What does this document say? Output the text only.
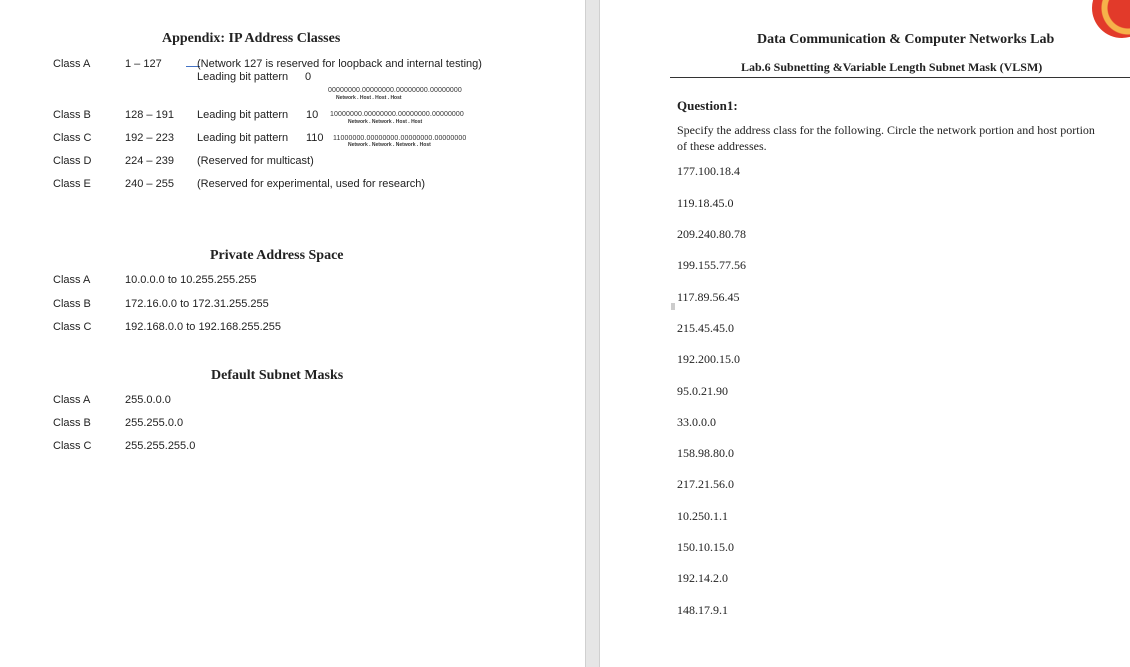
Appendix: IP Address Classes
Class A	1 – 127	(Network 127 is reserved for loopback and internal testing)
Leading bit pattern 0
00000000.00000000.00000000.00000000
Network . Host . Host . Host
Class B	128 – 191 Leading bit pattern 10 10000000.00000000.00000000.00000000
Network . Network . Host . Host
Class C	192 – 223 Leading bit pattern 110 11000000.00000000.00000000.00000000
Network . Network . Network . Host
Class D	224 – 239 (Reserved for multicast)
Class E	240 – 255 (Reserved for experimental, used for research)
Private Address Space
Class A	10.0.0.0 to 10.255.255.255
Class B	172.16.0.0 to 172.31.255.255
Class C	192.168.0.0 to 192.168.255.255
Default Subnet Masks
Class A	255.0.0.0
Class B	255.255.0.0
Class C	255.255.255.0
Data Communication & Computer Networks Lab
Lab.6 Subnetting &Variable Length Subnet Mask (VLSM)
Question1:
Specify the address class for the following. Circle the network portion and host portion
of these addresses.
177.100.18.4
119.18.45.0
209.240.80.78
199.155.77.56
117.89.56.45
215.45.45.0
192.200.15.0
95.0.21.90
33.0.0.0
158.98.80.0
217.21.56.0
10.250.1.1
150.10.15.0
192.14.2.0
148.17.9.1
